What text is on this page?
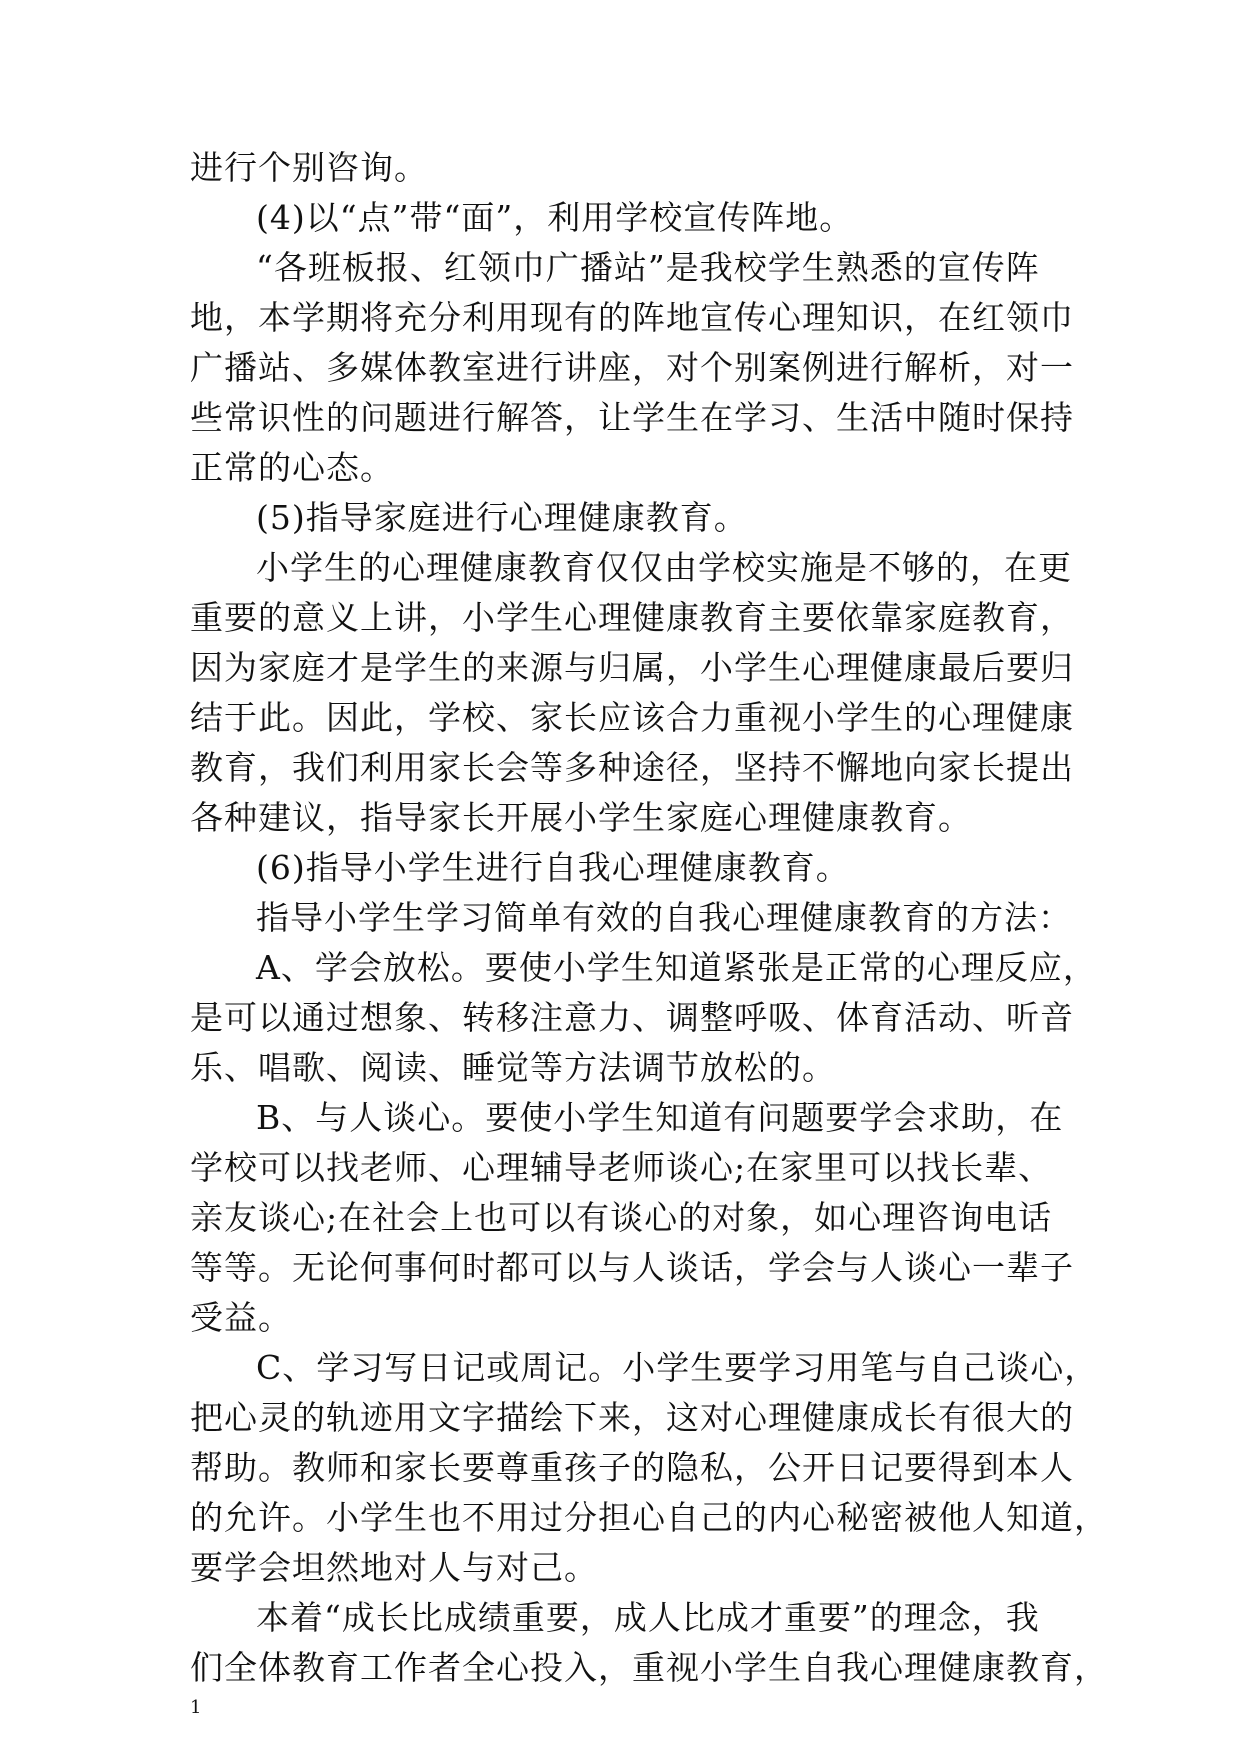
进行个别咨询。
(4)以“点”带“面”，利用学校宣传阵地。
“各班板报、红领巾广播站”是我校学生熟悉的宣传阵
地，本学期将充分利用现有的阵地宣传心理知识，在红领巾
广播站、多媒体教室进行讲座，对个别案例进行解析，对一
些常识性的问题进行解答，让学生在学习、生活中随时保持
正常的心态。
(5)指导家庭进行心理健康教育。
小学生的心理健康教育仅仅由学校实施是不够的，在更
重要的意义上讲，小学生心理健康教育主要依靠家庭教育，
因为家庭才是学生的来源与归属，小学生心理健康最后要归
结于此。因此，学校、家长应该合力重视小学生的心理健康
教育，我们利用家长会等多种途径，坚持不懈地向家长提出
各种建议，指导家长开展小学生家庭心理健康教育。
(6)指导小学生进行自我心理健康教育。
指导小学生学习简单有效的自我心理健康教育的方法：
A、学会放松。要使小学生知道紧张是正常的心理反应，
是可以通过想象、转移注意力、调整呼吸、体育活动、听音
乐、唱歌、阅读、睡觉等方法调节放松的。
B、与人谈心。要使小学生知道有问题要学会求助，在
学校可以找老师、心理辅导老师谈心;在家里可以找长辈、
亲友谈心;在社会上也可以有谈心的对象，如心理咨询电话
等等。无论何事何时都可以与人谈话，学会与人谈心一辈子
受益。
C、学习写日记或周记。小学生要学习用笔与自己谈心，
把心灵的轨迹用文字描绘下来，这对心理健康成长有很大的
帮助。教师和家长要尊重孩子的隐私，公开日记要得到本人
的允许。小学生也不用过分担心自己的内心秘密被他人知道，
要学会坦然地对人与对己。
本着“成长比成绩重要，成人比成才重要”的理念，我
们全体教育工作者全心投入，重视小学生自我心理健康教育，
1
